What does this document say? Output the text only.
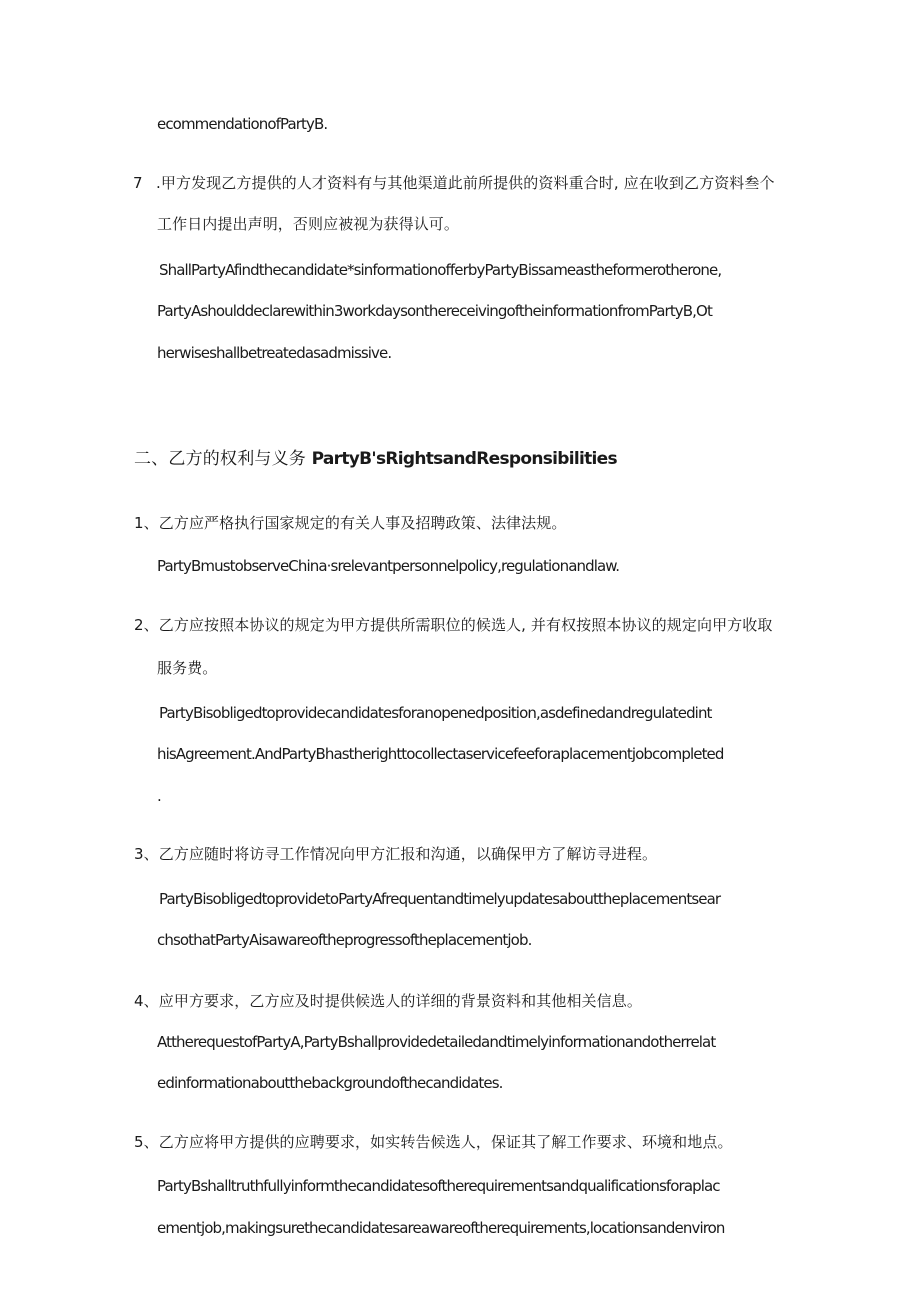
ecommendationofPartyB.
7 .甲方发现乙方提供的人才资料有与其他渠道此前所提供的资料重合时, 应在收到乙方资料叁个
工作日内提出声明，否则应被视为获得认可。
ShallPartyAfindthecandidate*sinformationofferbyPartyBissameastheformerotherone,
PartyAshoulddeclarewithin3workdaysonthereceivingoftheinformationfromPartyB,Ot
herwiseshallbetreatedasadmissive.
二、乙方的权利与义务 PartyB'sRightsandResponsibilities
1、乙方应严格执行国家规定的有关人事及招聘政策、法律法规。
PartyBmustobserveChina·srelevantpersonnelpolicy,regulationandlaw.
2、乙方应按照本协议的规定为甲方提供所需职位的候选人, 并有权按照本协议的规定向甲方收取
服务费。
PartyBisobligedtoprovidecandidatesforanopenedposition,asdefinedandregulatedint
hisAgreement.AndPartyBhastherighttocollectaservicefeeforaplacementjobcompleted
.
3、乙方应随时将访寻工作情况向甲方汇报和沟通，以确保甲方了解访寻进程。
PartyBisobligedtoprovidetoPartyAfrequentandtimelyupdatesabouttheplacementsear
chsothatPartyAisawareoftheprogressoftheplacementjob.
4、应甲方要求，乙方应及时提供候选人的详细的背景资料和其他相关信息。
AttherequestofPartyA,PartyBshallprovidedetailedandtimelyinformationandotherrelat
edinformationaboutthebackgroundofthecandidates.
5、乙方应将甲方提供的应聘要求，如实转告候选人，保证其了解工作要求、环境和地点。
PartyBshalltruthfullyinformthecandidatesoftherequirementsandqualificationsforaplac
ementjob,makingsurethecandidatesareawareoftherequirements,locationsandenviron
